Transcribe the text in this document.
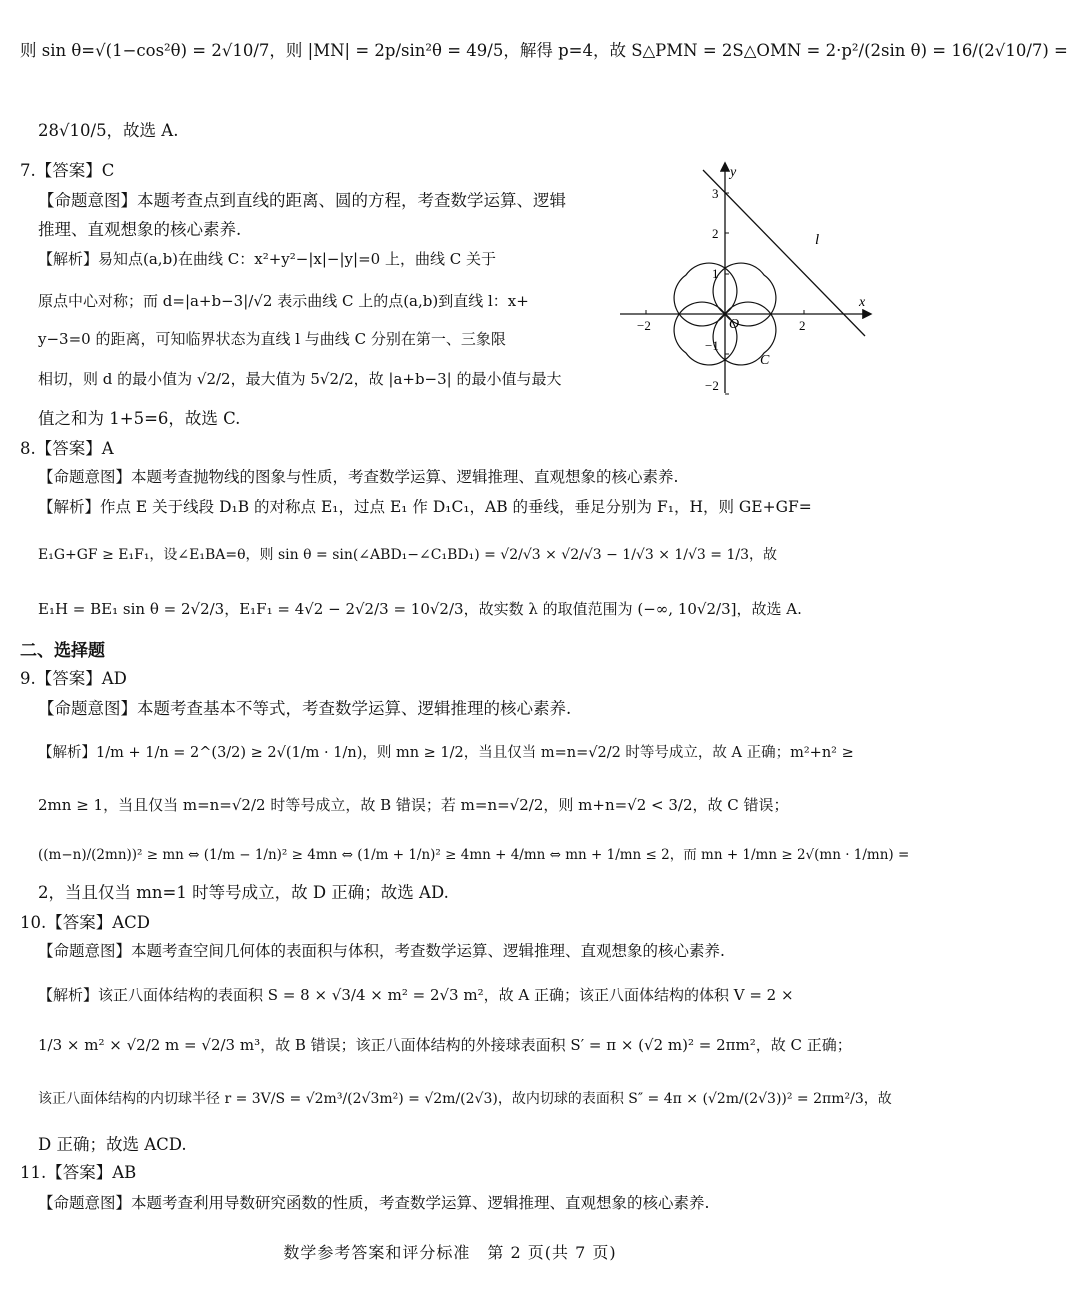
则 sin θ=√(1−cos²θ) = 2√10/7，则 |MN| = 2p/sin²θ = 49/5，解得 p=4，故 S△PMN = 2S△OMN = 2·p²/(2sin θ) = 16/(2√10/7) =
28√10/5，故选 A.
7.【答案】C
【命题意图】本题考查点到直线的距离、圆的方程，考查数学运算、逻辑
推理、直观想象的核心素养.
【解析】易知点(a,b)在曲线 C：x²+y²−|x|−|y|=0 上，曲线 C 关于
原点中心对称；而 d=|a+b−3|/√2 表示曲线 C 上的点(a,b)到直线 l：x+
y−3=0 的距离，可知临界状态为直线 l 与曲线 C 分别在第一、三象限
相切，则 d 的最小值为 √2/2，最大值为 5√2/2，故 |a+b−3| 的最小值与最大
值之和为 1+5=6，故选 C.
8.【答案】A
【命题意图】本题考查抛物线的图象与性质，考查数学运算、逻辑推理、直观想象的核心素养.
【解析】作点 E 关于线段 D₁B 的对称点 E₁，过点 E₁ 作 D₁C₁，AB 的垂线，垂足分别为 F₁，H，则 GE+GF=
E₁G+GF ≥ E₁F₁，设∠E₁BA=θ，则 sin θ = sin(∠ABD₁−∠C₁BD₁) = √2/√3 × √2/√3 − 1/√3 × 1/√3 = 1/3，故
E₁H = BE₁ sin θ = 2√2/3，E₁F₁ = 4√2 − 2√2/3 = 10√2/3，故实数 λ 的取值范围为 (−∞, 10√2/3]，故选 A.
二、选择题
9.【答案】AD
【命题意图】本题考查基本不等式，考查数学运算、逻辑推理的核心素养.
【解析】1/m + 1/n = 2^(3/2) ≥ 2√(1/m · 1/n)，则 mn ≥ 1/2，当且仅当 m=n=√2/2 时等号成立，故 A 正确；m²+n² ≥
2mn ≥ 1，当且仅当 m=n=√2/2 时等号成立，故 B 错误；若 m=n=√2/2，则 m+n=√2 < 3/2，故 C 错误；
((m−n)/(2mn))² ≥ mn ⇔ (1/m − 1/n)² ≥ 4mn ⇔ (1/m + 1/n)² ≥ 4mn + 4/mn ⇔ mn + 1/mn ≤ 2，而 mn + 1/mn ≥ 2√(mn · 1/mn) =
2，当且仅当 mn=1 时等号成立，故 D 正确；故选 AD.
10.【答案】ACD
【命题意图】本题考查空间几何体的表面积与体积，考查数学运算、逻辑推理、直观想象的核心素养.
【解析】该正八面体结构的表面积 S = 8 × √3/4 × m² = 2√3 m²，故 A 正确；该正八面体结构的体积 V = 2 ×
1/3 × m² × √2/2 m = √2/3 m³，故 B 错误；该正八面体结构的外接球表面积 S′ = π × (√2 m)² = 2πm²，故 C 正确；
该正八面体结构的内切球半径 r = 3V/S = √2m³/(2√3m²) = √2m/(2√3)，故内切球的表面积 S″ = 4π × (√2m/(2√3))² = 2πm²/3，故
D 正确；故选 ACD.
11.【答案】AB
【命题意图】本题考查利用导数研究函数的性质，考查数学运算、逻辑推理、直观想象的核心素养.
x
y
O
l
C
−2	2
3
2
1
−1
−2
数学参考答案和评分标准　第 2 页(共 7 页)
